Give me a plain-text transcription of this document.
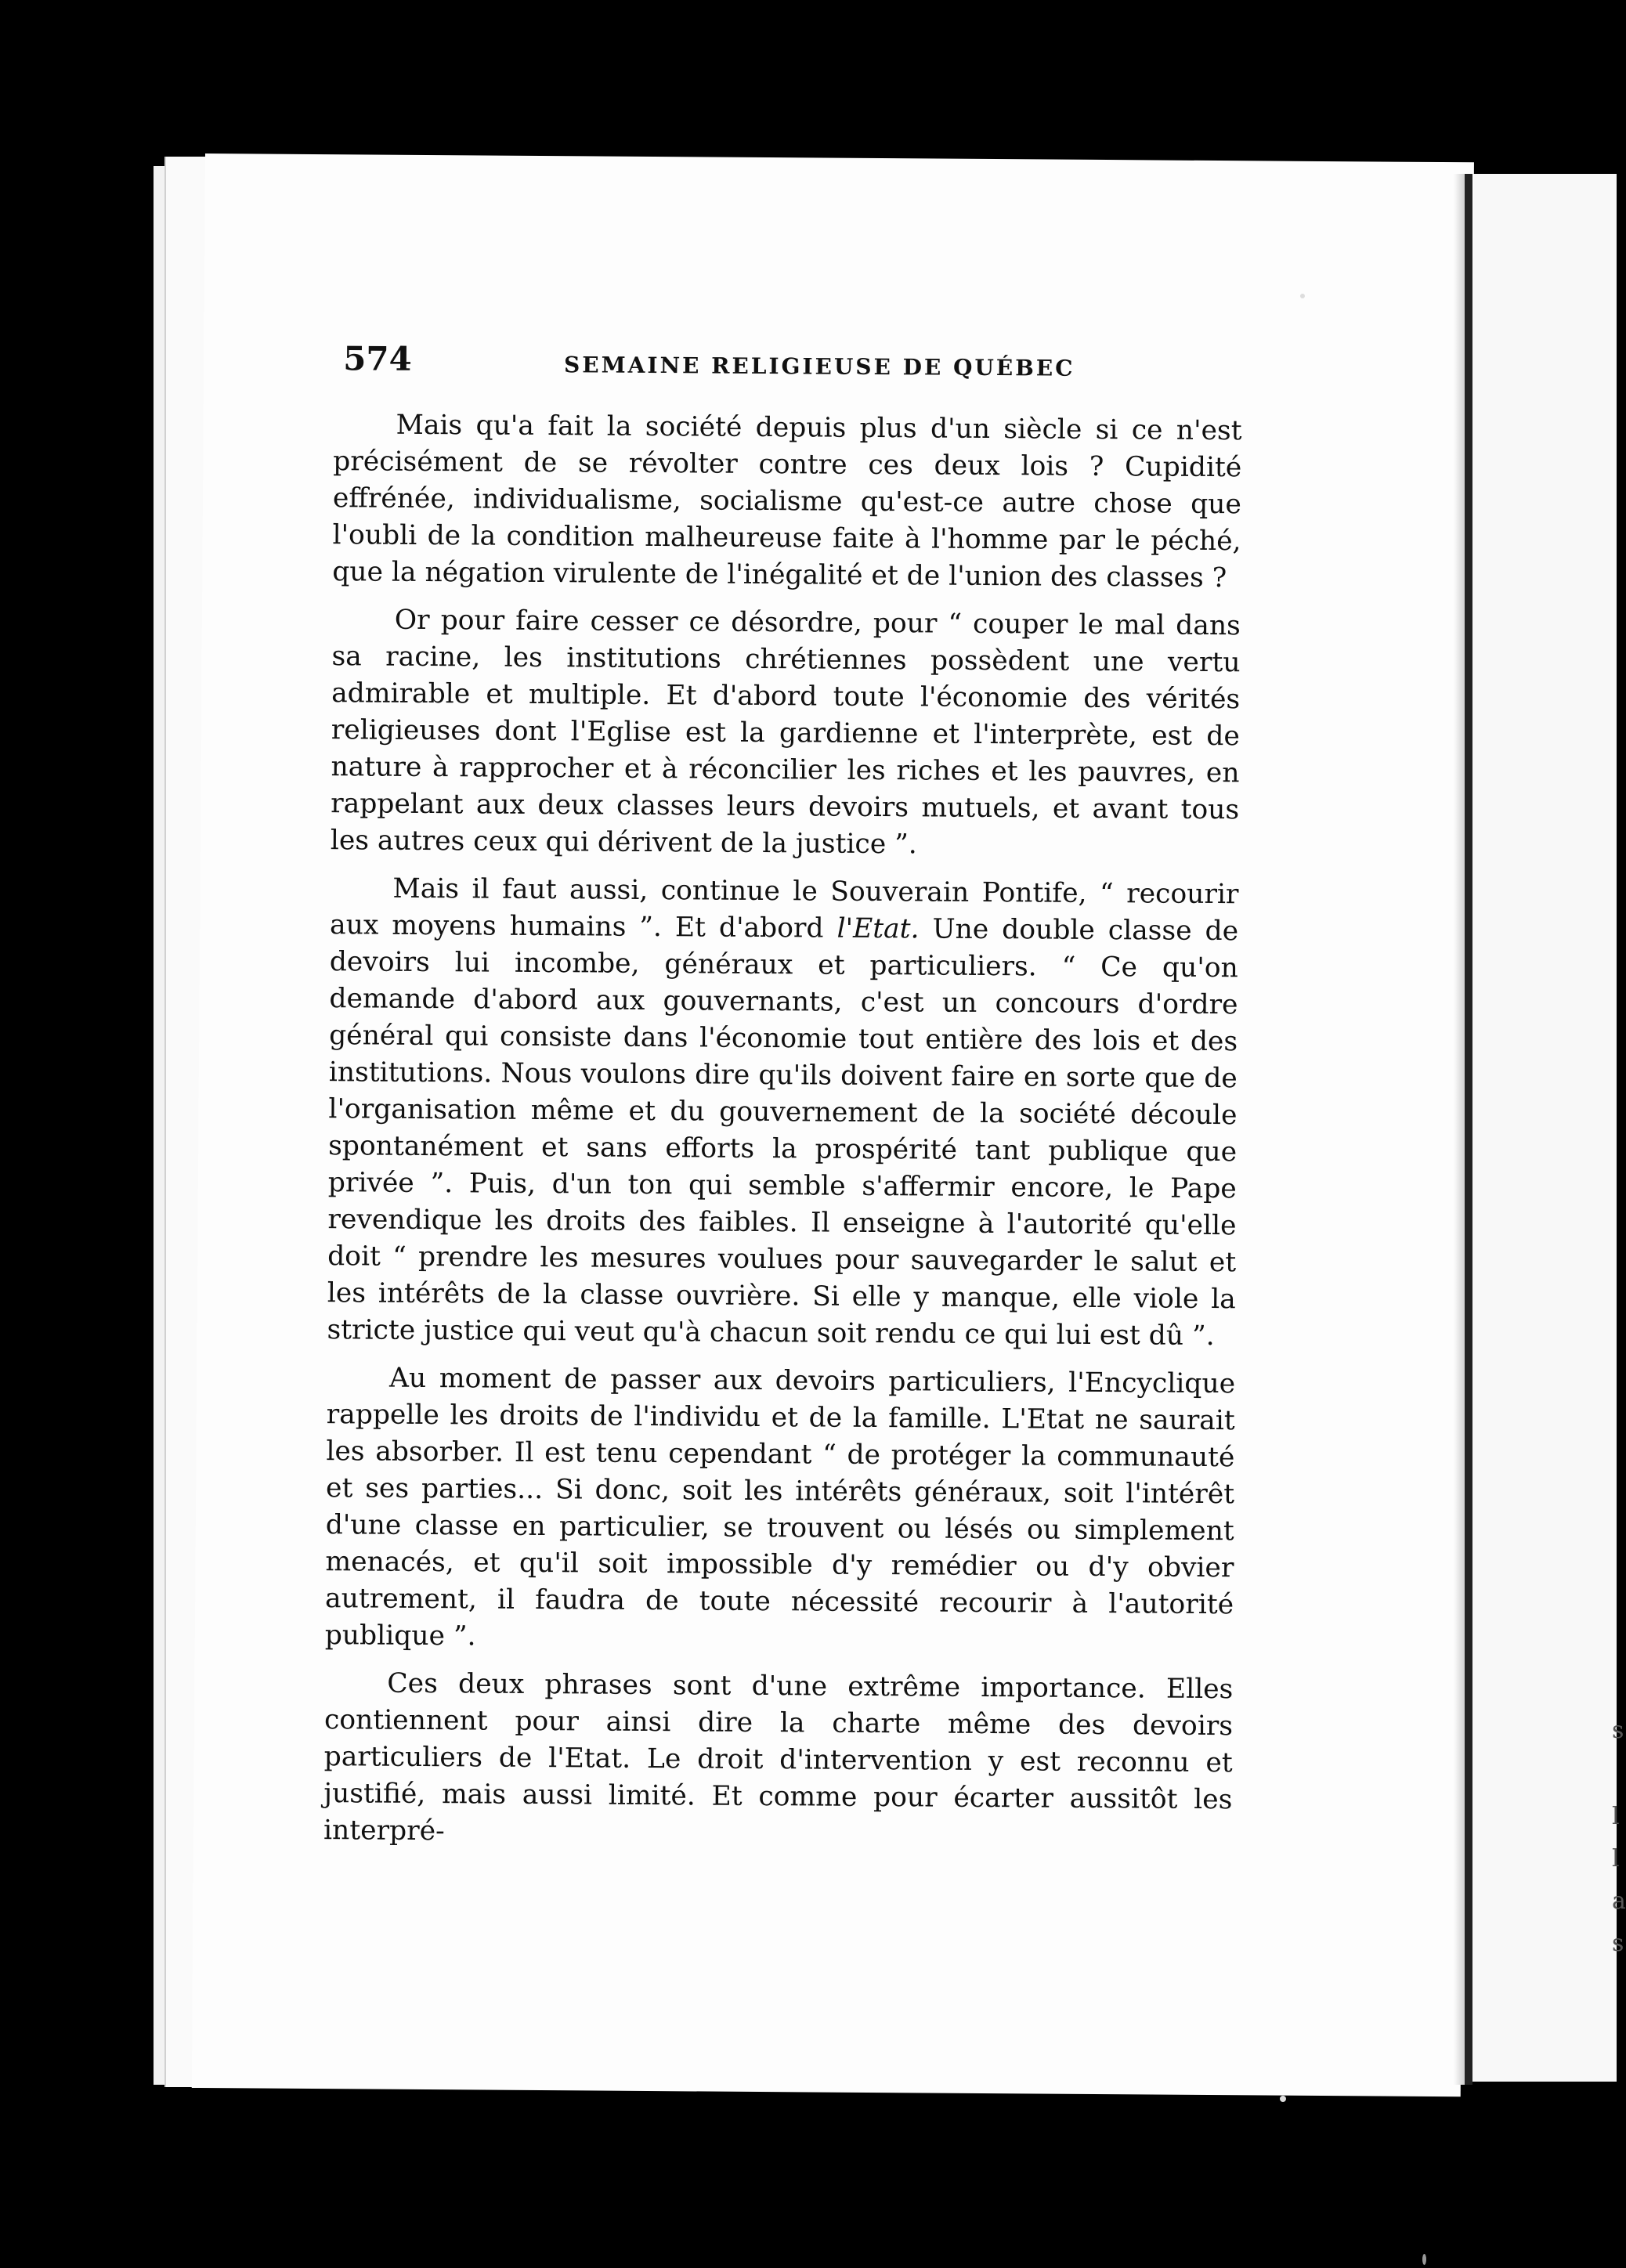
s
l
l
a
s
574	SEMAINE RELIGIEUSE DE QUÉBEC

Mais qu'a fait la société depuis plus d'un siècle si ce n'est précisément de se révolter contre ces deux lois ? Cupidité effrénée, individualisme, socialisme qu'est-ce autre chose que l'oubli de la condition malheureuse faite à l'homme par le péché, que la négation virulente de l'inégalité et de l'union des classes ?

Or pour faire cesser ce désordre, pour “ couper le mal dans sa racine, les institutions chrétiennes possèdent une vertu admirable et multiple. Et d'abord toute l'économie des vérités religieuses dont l'Eglise est la gardienne et l'interprète, est de nature à rapprocher et à réconcilier les riches et les pauvres, en rappelant aux deux classes leurs devoirs mutuels, et avant tous les autres ceux qui dérivent de la justice ”.

Mais il faut aussi, continue le Souverain Pontife, “ recourir aux moyens humains ”. Et d'abord l'Etat. Une double classe de devoirs lui incombe, généraux et particuliers. “ Ce qu'on demande d'abord aux gouvernants, c'est un concours d'ordre général qui consiste dans l'économie tout entière des lois et des institutions. Nous voulons dire qu'ils doivent faire en sorte que de l'organisation même et du gouvernement de la société découle spontanément et sans efforts la prospérité tant publique que privée ”. Puis, d'un ton qui semble s'affermir encore, le Pape revendique les droits des faibles. Il enseigne à l'autorité qu'elle doit “ prendre les mesures voulues pour sauvegarder le salut et les intérêts de la classe ouvrière. Si elle y manque, elle viole la stricte justice qui veut qu'à chacun soit rendu ce qui lui est dû ”.

Au moment de passer aux devoirs particuliers, l'Encyclique rappelle les droits de l'individu et de la famille. L'Etat ne saurait les absorber. Il est tenu cependant “ de protéger la communauté et ses parties... Si donc, soit les intérêts généraux, soit l'intérêt d'une classe en particulier, se trouvent ou lésés ou simplement menacés, et qu'il soit impossible d'y remédier ou d'y obvier autrement, il faudra de toute nécessité recourir à l'autorité publique ”.

Ces deux phrases sont d'une extrême importance. Elles contiennent pour ainsi dire la charte même des devoirs particuliers de l'Etat. Le droit d'intervention y est reconnu et justifié, mais aussi limité. Et comme pour écarter aussitôt les interpré-
